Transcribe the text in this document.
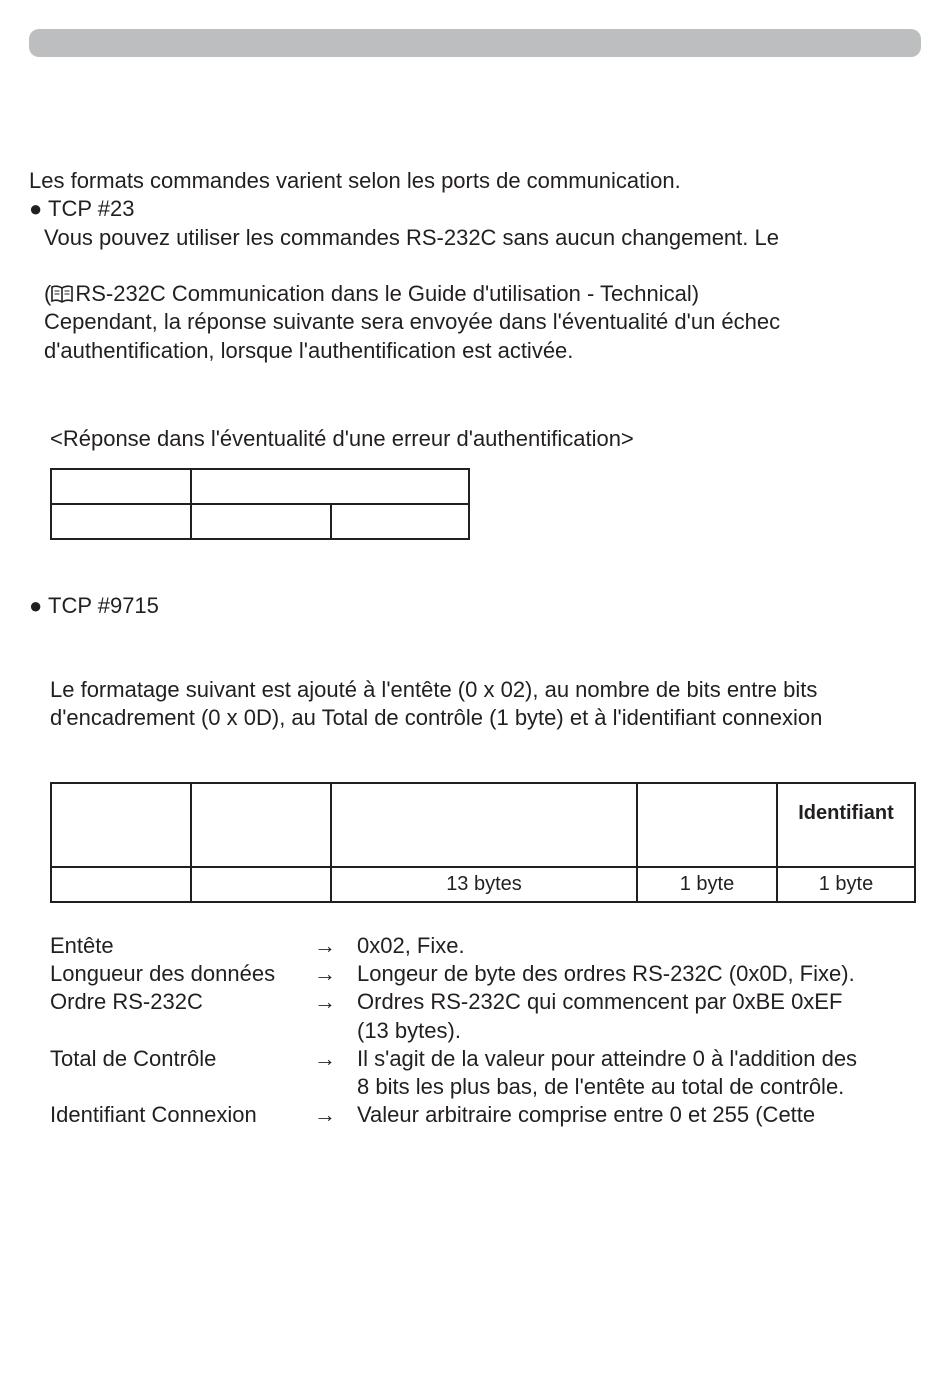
Les formats commandes varient selon les ports de communication.
● TCP #23
Vous pouvez utiliser les commandes RS-232C sans aucun changement. Le
( RS-232C Communication dans le Guide d'utilisation - Technical)
Cependant, la réponse suivante sera envoyée dans l'éventualité d'un échec
d'authentification, lorsque l'authentification est activée.
<Réponse dans l'éventualité d'une erreur d'authentification>

● TCP #9715
Le formatage suivant est ajouté à l'entête (0 x 02), au nombre de bits entre bits
d'encadrement (0 x 0D), au Total de contrôle (1 byte) et à l'identifiant connexion
				Identifiant
		13 bytes	1 byte	1 byte
Entête	→ 0x02, Fixe.
Longueur des données → Longeur de byte des ordres RS-232C (0x0D, Fixe).
Ordre RS-232C	→ Ordres RS-232C qui commencent par 0xBE 0xEF
(13 bytes).
Total de Contrôle	→ Il s'agit de la valeur pour atteindre 0 à l'addition des
8 bits les plus bas, de l'entête au total de contrôle.
Identifiant Connexion	→ Valeur arbitraire comprise entre 0 et 255 (Cette
